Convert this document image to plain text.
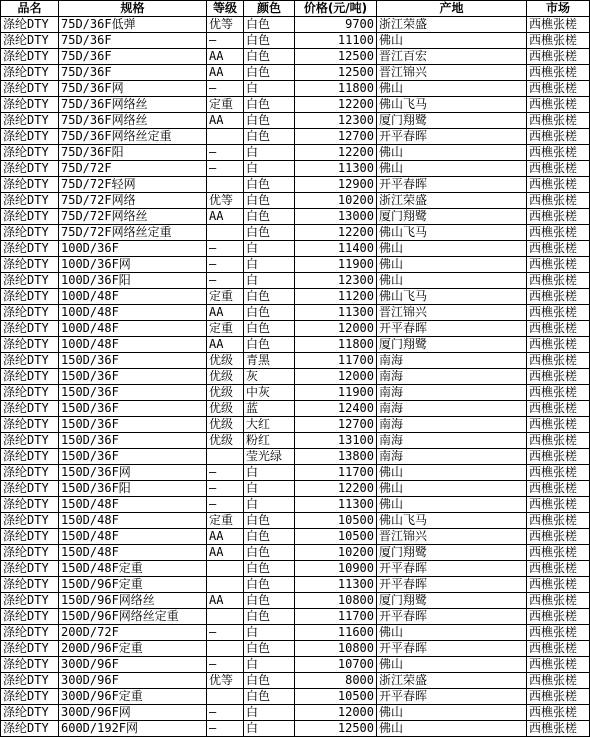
品名	规格	等级	颜色	价格(元/吨)	产地	市场
涤纶DTY	75D/36F低弹	优等	白色	9700	浙江荣盛	西樵张槎
涤纶DTY	75D/36F	—	白色	11100	佛山	西樵张槎
涤纶DTY	75D/36F	AA	白色	12500	晋江百宏	西樵张槎
涤纶DTY	75D/36F	AA	白色	12500	晋江锦兴	西樵张槎
涤纶DTY	75D/36F网	—	白	11800	佛山	西樵张槎
涤纶DTY	75D/36F网络丝	定重	白色	12200	佛山飞马	西樵张槎
涤纶DTY	75D/36F网络丝	AA	白色	12300	厦门翔鹭	西樵张槎
涤纶DTY	75D/36F网络丝定重		白色	12700	开平春晖	西樵张槎
涤纶DTY	75D/36F阳	—	白	12200	佛山	西樵张槎
涤纶DTY	75D/72F	—	白	11300	佛山	西樵张槎
涤纶DTY	75D/72F轻网		白色	12900	开平春晖	西樵张槎
涤纶DTY	75D/72F网络	优等	白色	10200	浙江荣盛	西樵张槎
涤纶DTY	75D/72F网络丝	AA	白色	13000	厦门翔鹭	西樵张槎
涤纶DTY	75D/72F网络丝定重		白色	12200	佛山飞马	西樵张槎
涤纶DTY	100D/36F	—	白	11400	佛山	西樵张槎
涤纶DTY	100D/36F网	—	白	11900	佛山	西樵张槎
涤纶DTY	100D/36F阳	—	白	12300	佛山	西樵张槎
涤纶DTY	100D/48F	定重	白色	11200	佛山飞马	西樵张槎
涤纶DTY	100D/48F	AA	白色	11300	晋江锦兴	西樵张槎
涤纶DTY	100D/48F	定重	白色	12000	开平春晖	西樵张槎
涤纶DTY	100D/48F	AA	白色	11800	厦门翔鹭	西樵张槎
涤纶DTY	150D/36F	优级	青黑	11700	南海	西樵张槎
涤纶DTY	150D/36F	优级	灰	12000	南海	西樵张槎
涤纶DTY	150D/36F	优级	中灰	11900	南海	西樵张槎
涤纶DTY	150D/36F	优级	蓝	12400	南海	西樵张槎
涤纶DTY	150D/36F	优级	大红	12700	南海	西樵张槎
涤纶DTY	150D/36F	优级	粉红	13100	南海	西樵张槎
涤纶DTY	150D/36F		莹光绿	13800	南海	西樵张槎
涤纶DTY	150D/36F网	—	白	11700	佛山	西樵张槎
涤纶DTY	150D/36F阳	—	白	12200	佛山	西樵张槎
涤纶DTY	150D/48F	—	白	11300	佛山	西樵张槎
涤纶DTY	150D/48F	定重	白色	10500	佛山飞马	西樵张槎
涤纶DTY	150D/48F	AA	白色	10500	晋江锦兴	西樵张槎
涤纶DTY	150D/48F	AA	白色	10200	厦门翔鹭	西樵张槎
涤纶DTY	150D/48F定重		白色	10900	开平春晖	西樵张槎
涤纶DTY	150D/96F定重		白色	11300	开平春晖	西樵张槎
涤纶DTY	150D/96F网络丝	AA	白色	10800	厦门翔鹭	西樵张槎
涤纶DTY	150D/96F网络丝定重		白色	11700	开平春晖	西樵张槎
涤纶DTY	200D/72F	—	白	11600	佛山	西樵张槎
涤纶DTY	200D/96F定重		白色	10800	开平春晖	西樵张槎
涤纶DTY	300D/96F	—	白	10700	佛山	西樵张槎
涤纶DTY	300D/96F	优等	白色	8000	浙江荣盛	西樵张槎
涤纶DTY	300D/96F定重		白色	10500	开平春晖	西樵张槎
涤纶DTY	300D/96F网	—	白	12000	佛山	西樵张槎
涤纶DTY	600D/192F网	—	白	12500	佛山	西樵张槎
